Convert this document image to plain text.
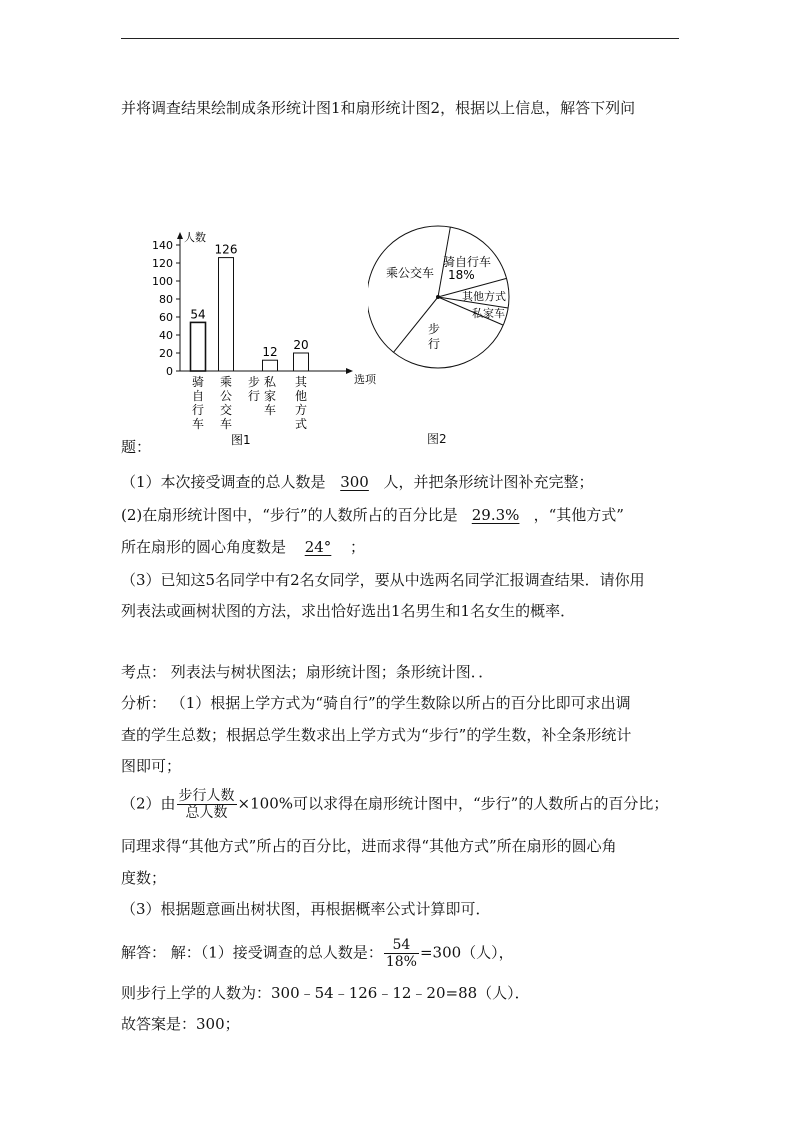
并将调查结果绘制成条形统计图1和扇形统计图2，根据以上信息，解答下列问
人数
选项
140
120
100
80
60
40
20
0
54
126
12
20
骑
自
行
车
乘
公
交
车
步
行
私
家
车
其
他
方
式
图1
乘公交车
骑自行车
18%
其他方式
私家车
步
行
图2
题：
（1）本次接受调查的总人数是 300 人，并把条形统计图补充完整；
(2)在扇形统计图中，“步行”的人数所占的百分比是 29.3% ，“其他方式”
所在扇形的圆心角度数是 24° ；
（3）已知这5名同学中有2名女同学，要从中选两名同学汇报调查结果．请你用
列表法或画树状图的方法，求出恰好选出1名男生和1名女生的概率．
考点： 列表法与树状图法；扇形统计图；条形统计图．．
分析： （1）根据上学方式为“骑自行”的学生数除以所占的百分比即可求出调
查的学生总数；根据总学生数求出上学方式为“步行”的学生数，补全条形统计
图即可；
（2）由 $\frac{\text{步行人数}}{\text{总人数}} \times 100\%$可以求得在扇形统计图中，“步行”的人数所占的百分比；
同理求得“其他方式”所占的百分比，进而求得“其他方式”所在扇形的圆心角
度数；
（3）根据题意画出树状图，再根据概率公式计算即可．
解答： 解：（1）接受调查的总人数是： $\frac{54}{18\%} =300$（人），
则步行上学的人数为：300﹣54﹣126﹣12﹣20=88（人）．
故答案是：300；
